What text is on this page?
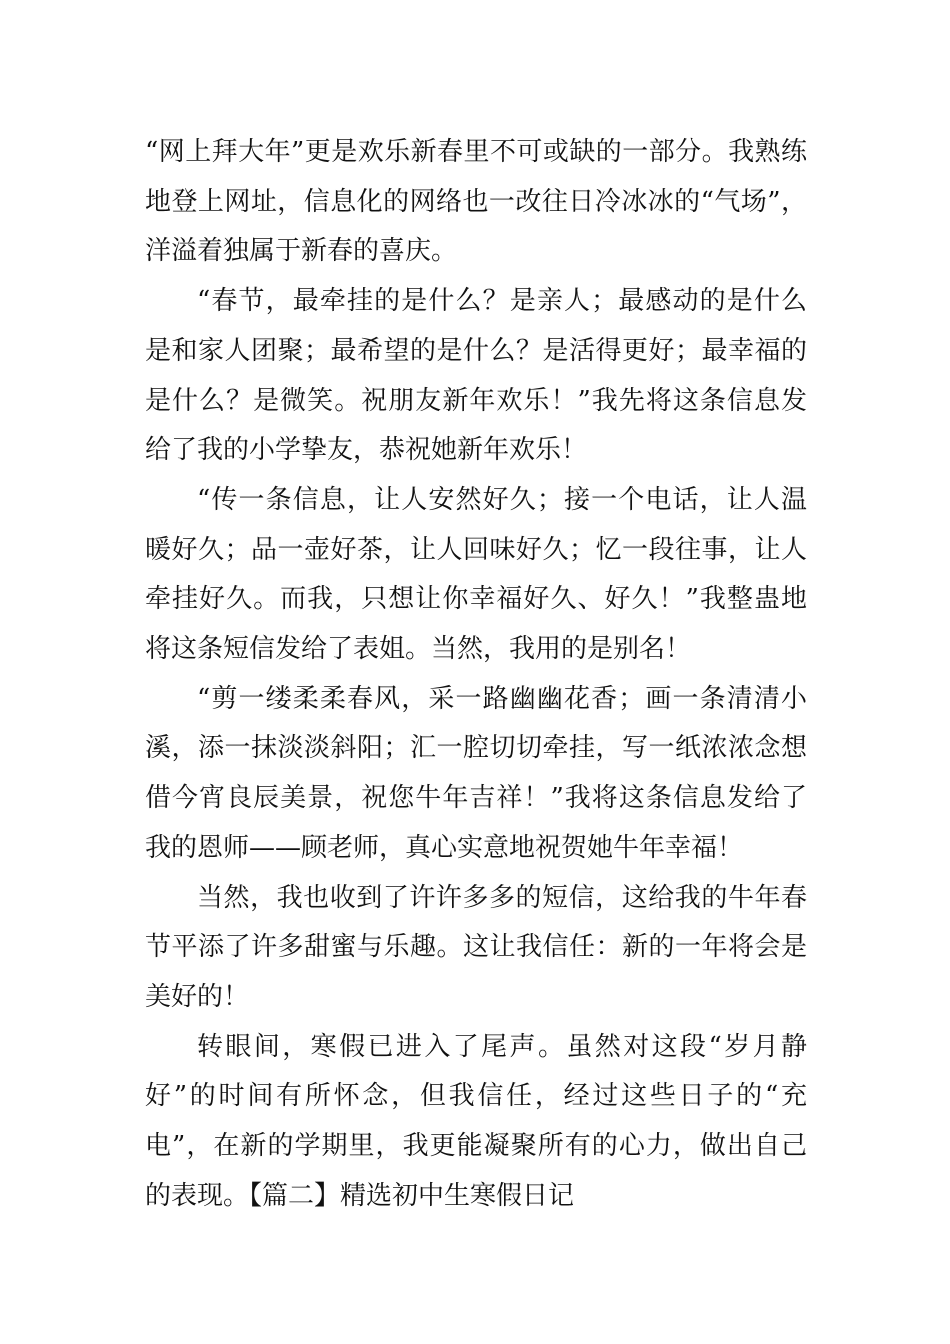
“网上拜大年”更是欢乐新春里不可或缺的一部分。我熟练地登上网址，信息化的网络也一改往日冷冰冰的“气场”，洋溢着独属于新春的喜庆。

“春节，最牵挂的是什么？是亲人；最感动的是什么是和家人团聚；最希望的是什么？是活得更好；最幸福的是什么？是微笑。祝朋友新年欢乐！”我先将这条信息发给了我的小学挚友，恭祝她新年欢乐！

“传一条信息，让人安然好久；接一个电话，让人温暖好久；品一壶好茶，让人回味好久；忆一段往事，让人牵挂好久。而我，只想让你幸福好久、好久！”我整蛊地将这条短信发给了表姐。当然，我用的是别名！

“剪一缕柔柔春风，采一路幽幽花香；画一条清清小溪，添一抹淡淡斜阳；汇一腔切切牵挂，写一纸浓浓念想借今宵良辰美景，祝您牛年吉祥！”我将这条信息发给了我的恩师——顾老师，真心实意地祝贺她牛年幸福！

当然，我也收到了许许多多的短信，这给我的牛年春节平添了许多甜蜜与乐趣。这让我信任：新的一年将会是美好的！

转眼间，寒假已进入了尾声。虽然对这段“岁月静好”的时间有所怀念，但我信任，经过这些日子的“充电”，在新的学期里，我更能凝聚所有的心力，做出自己的表现。【篇二】精选初中生寒假日记
